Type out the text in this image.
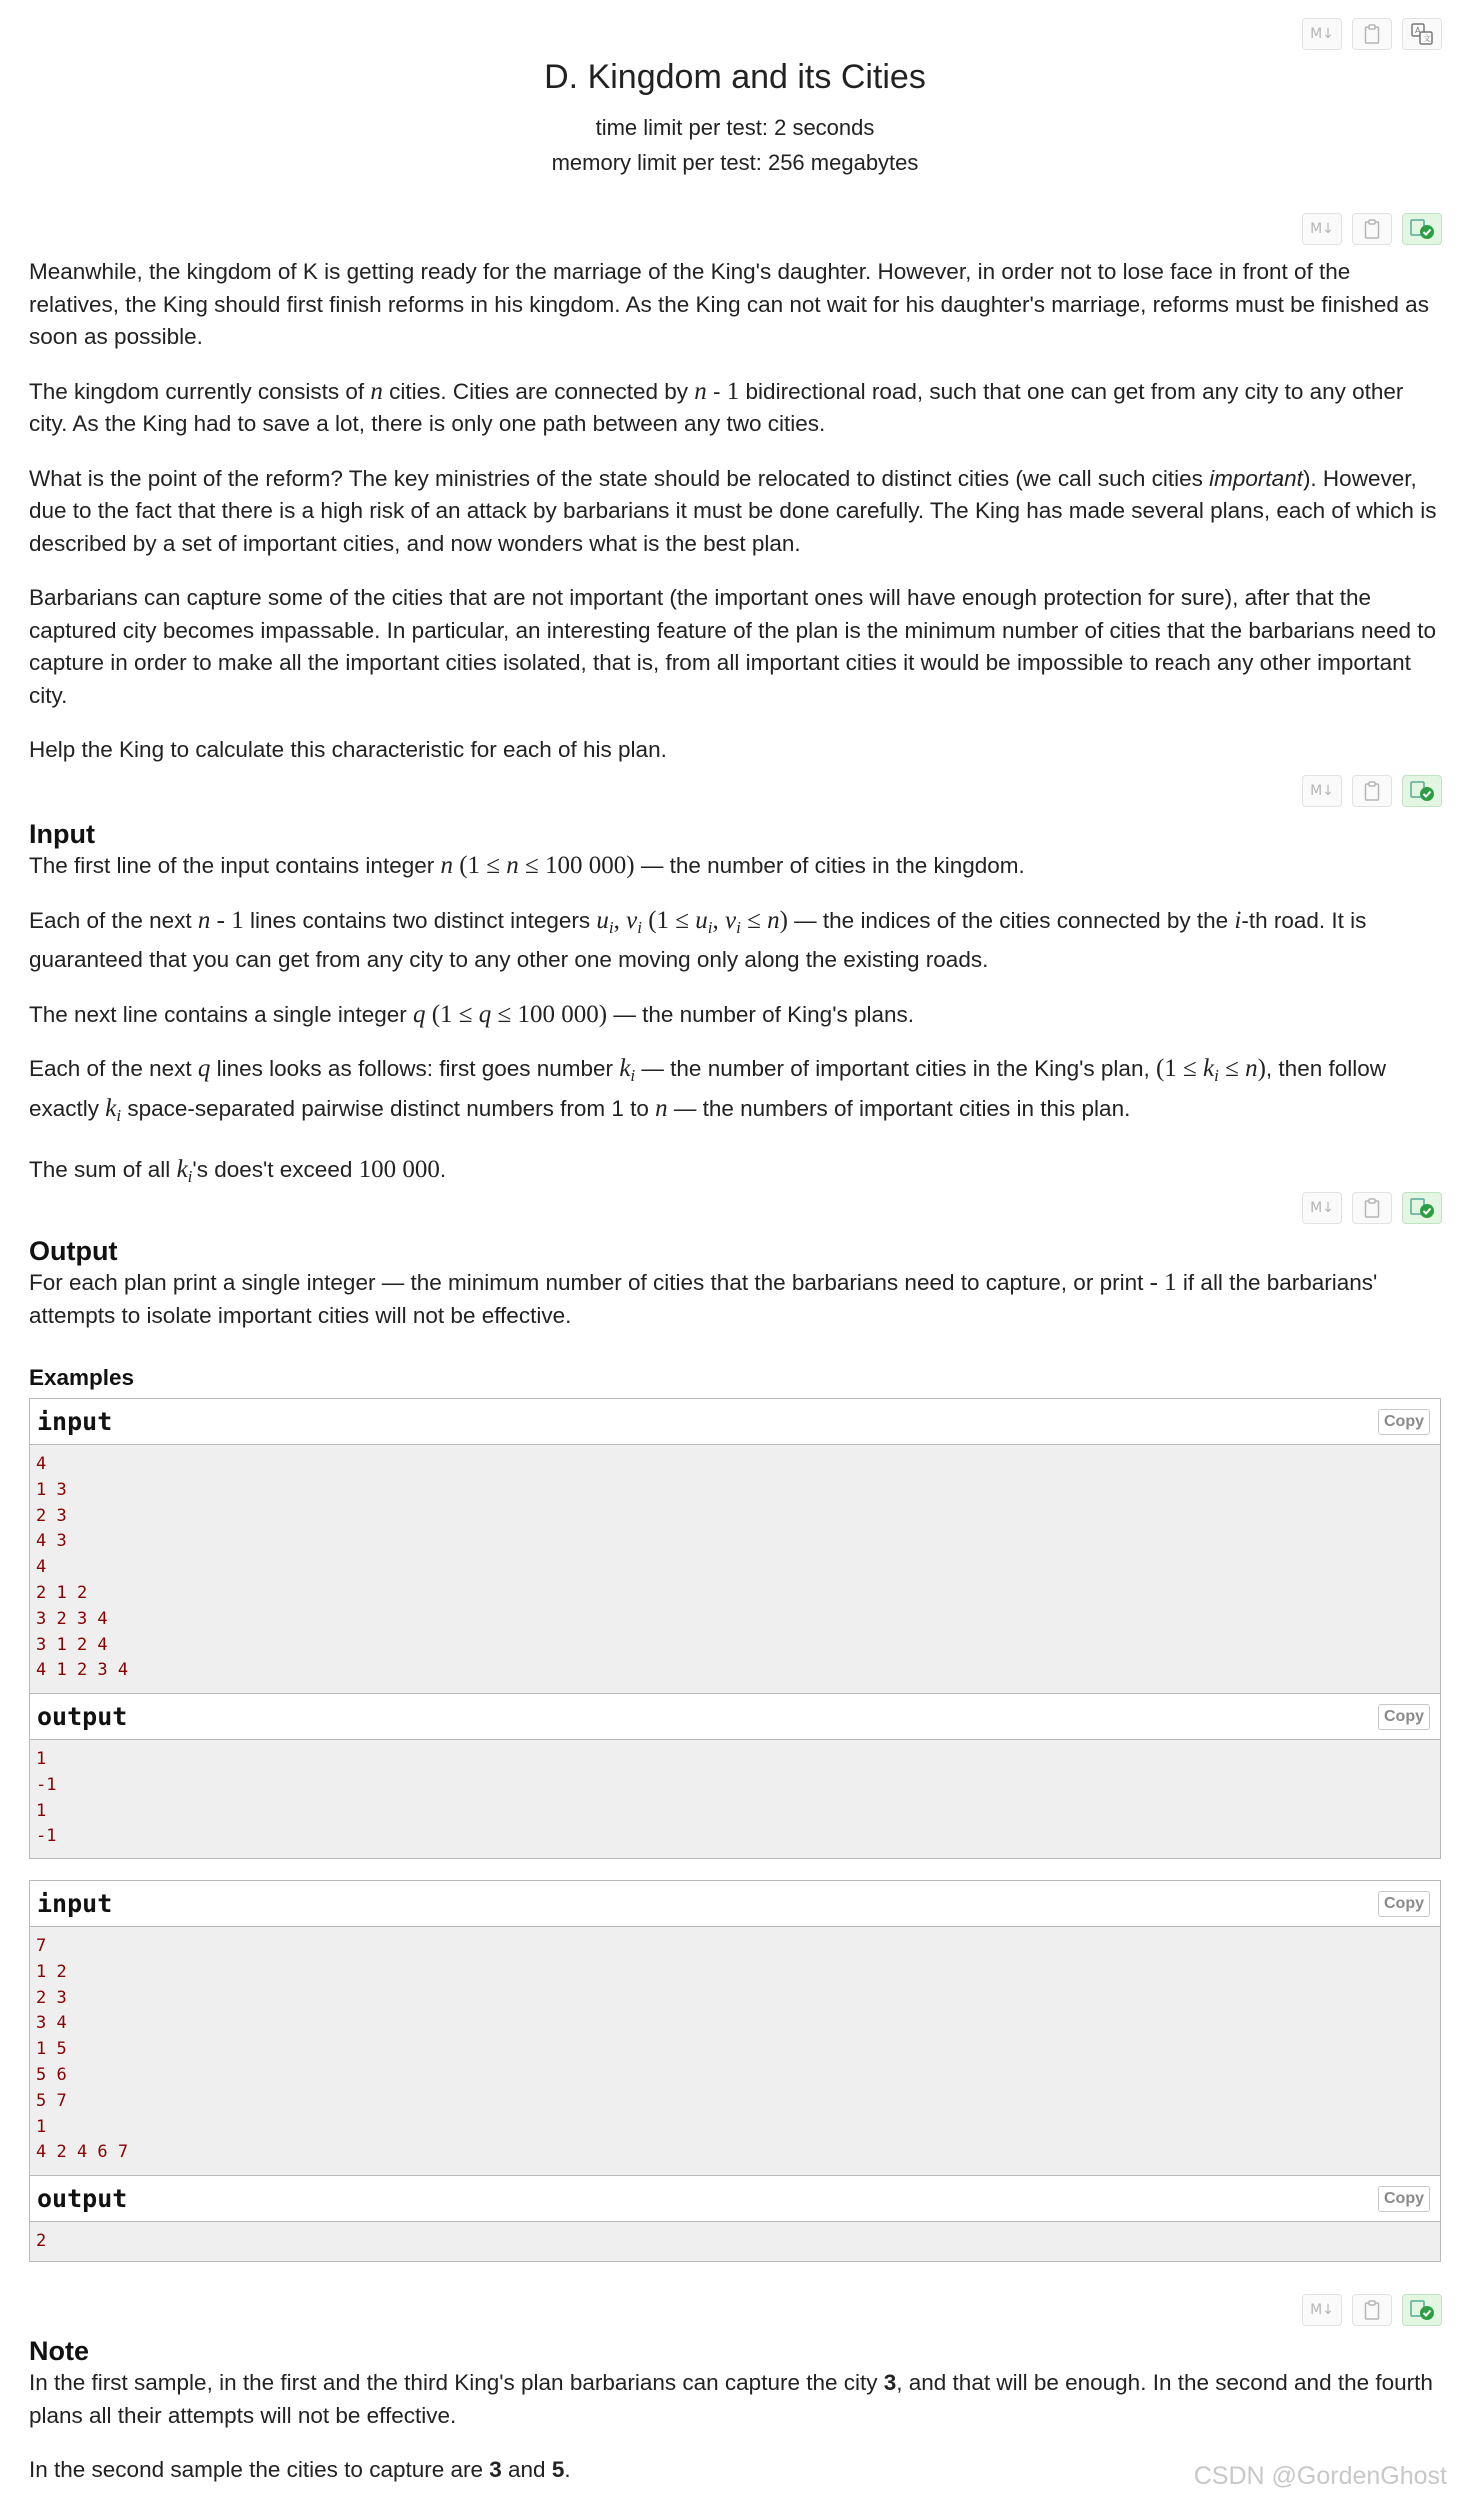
M↓	A
文
D. Kingdom and its Cities
time limit per test: 2 seconds
memory limit per test: 256 megabytes
M↓

Meanwhile, the kingdom of K is getting ready for the marriage of the King's daughter. However, in order not to lose face in front of the relatives, the King should first finish reforms in his kingdom. As the King can not wait for his daughter's marriage, reforms must be finished as soon as possible.

The kingdom currently consists of n cities. Cities are connected by n - 1 bidirectional road, such that one can get from any city to any other city. As the King had to save a lot, there is only one path between any two cities.

What is the point of the reform? The key ministries of the state should be relocated to distinct cities (we call such cities important). However, due to the fact that there is a high risk of an attack by barbarians it must be done carefully. The King has made several plans, each of which is described by a set of important cities, and now wonders what is the best plan.

Barbarians can capture some of the cities that are not important (the important ones will have enough protection for sure), after that the captured city becomes impassable. In particular, an interesting feature of the plan is the minimum number of cities that the barbarians need to capture in order to make all the important cities isolated, that is, from all important cities it would be impossible to reach any other important city.

Help the King to calculate this characteristic for each of his plan.

M↓
Input

The first line of the input contains integer n (1 ≤ n ≤ 100 000) — the number of cities in the kingdom.

Each of the next n - 1 lines contains two distinct integers $u_i$, $v_i$ ($1 \le u_i$, $v_i \le n$) — the indices of the cities connected by the i-th road. It is guaranteed that you can get from any city to any other one moving only along the existing roads.

The next line contains a single integer q (1 ≤ q ≤ 100 000) — the number of King's plans.

Each of the next q lines looks as follows: first goes number $k_i$ — the number of important cities in the King's plan, $(1 \le k_i \le n)$, then follow exactly $k_i$ space-separated pairwise distinct numbers from 1 to n — the numbers of important cities in this plan.

The sum of all $k_i's$ does't exceed 100 000.

M↓
Output

For each plan print a single integer — the minimum number of cities that the barbarians need to capture, or print - 1 if all the barbarians' attempts to isolate important cities will not be effective.

Examples
input	Copy
4
1 3
2 3
4 3
4
2 1 2
3 2 3 4
3 1 2 4
4 1 2 3 4
output	Copy
1
-1
1
-1
input	Copy
7
1 2
2 3
3 4
1 5
5 6
5 7
1
4 2 4 6 7
output	Copy
2
M↓
Note

In the first sample, in the first and the third King's plan barbarians can capture the city 3, and that will be enough. In the second and the fourth plans all their attempts will not be effective.

In the second sample the cities to capture are 3 and 5.	CSDN @GordenGhost
